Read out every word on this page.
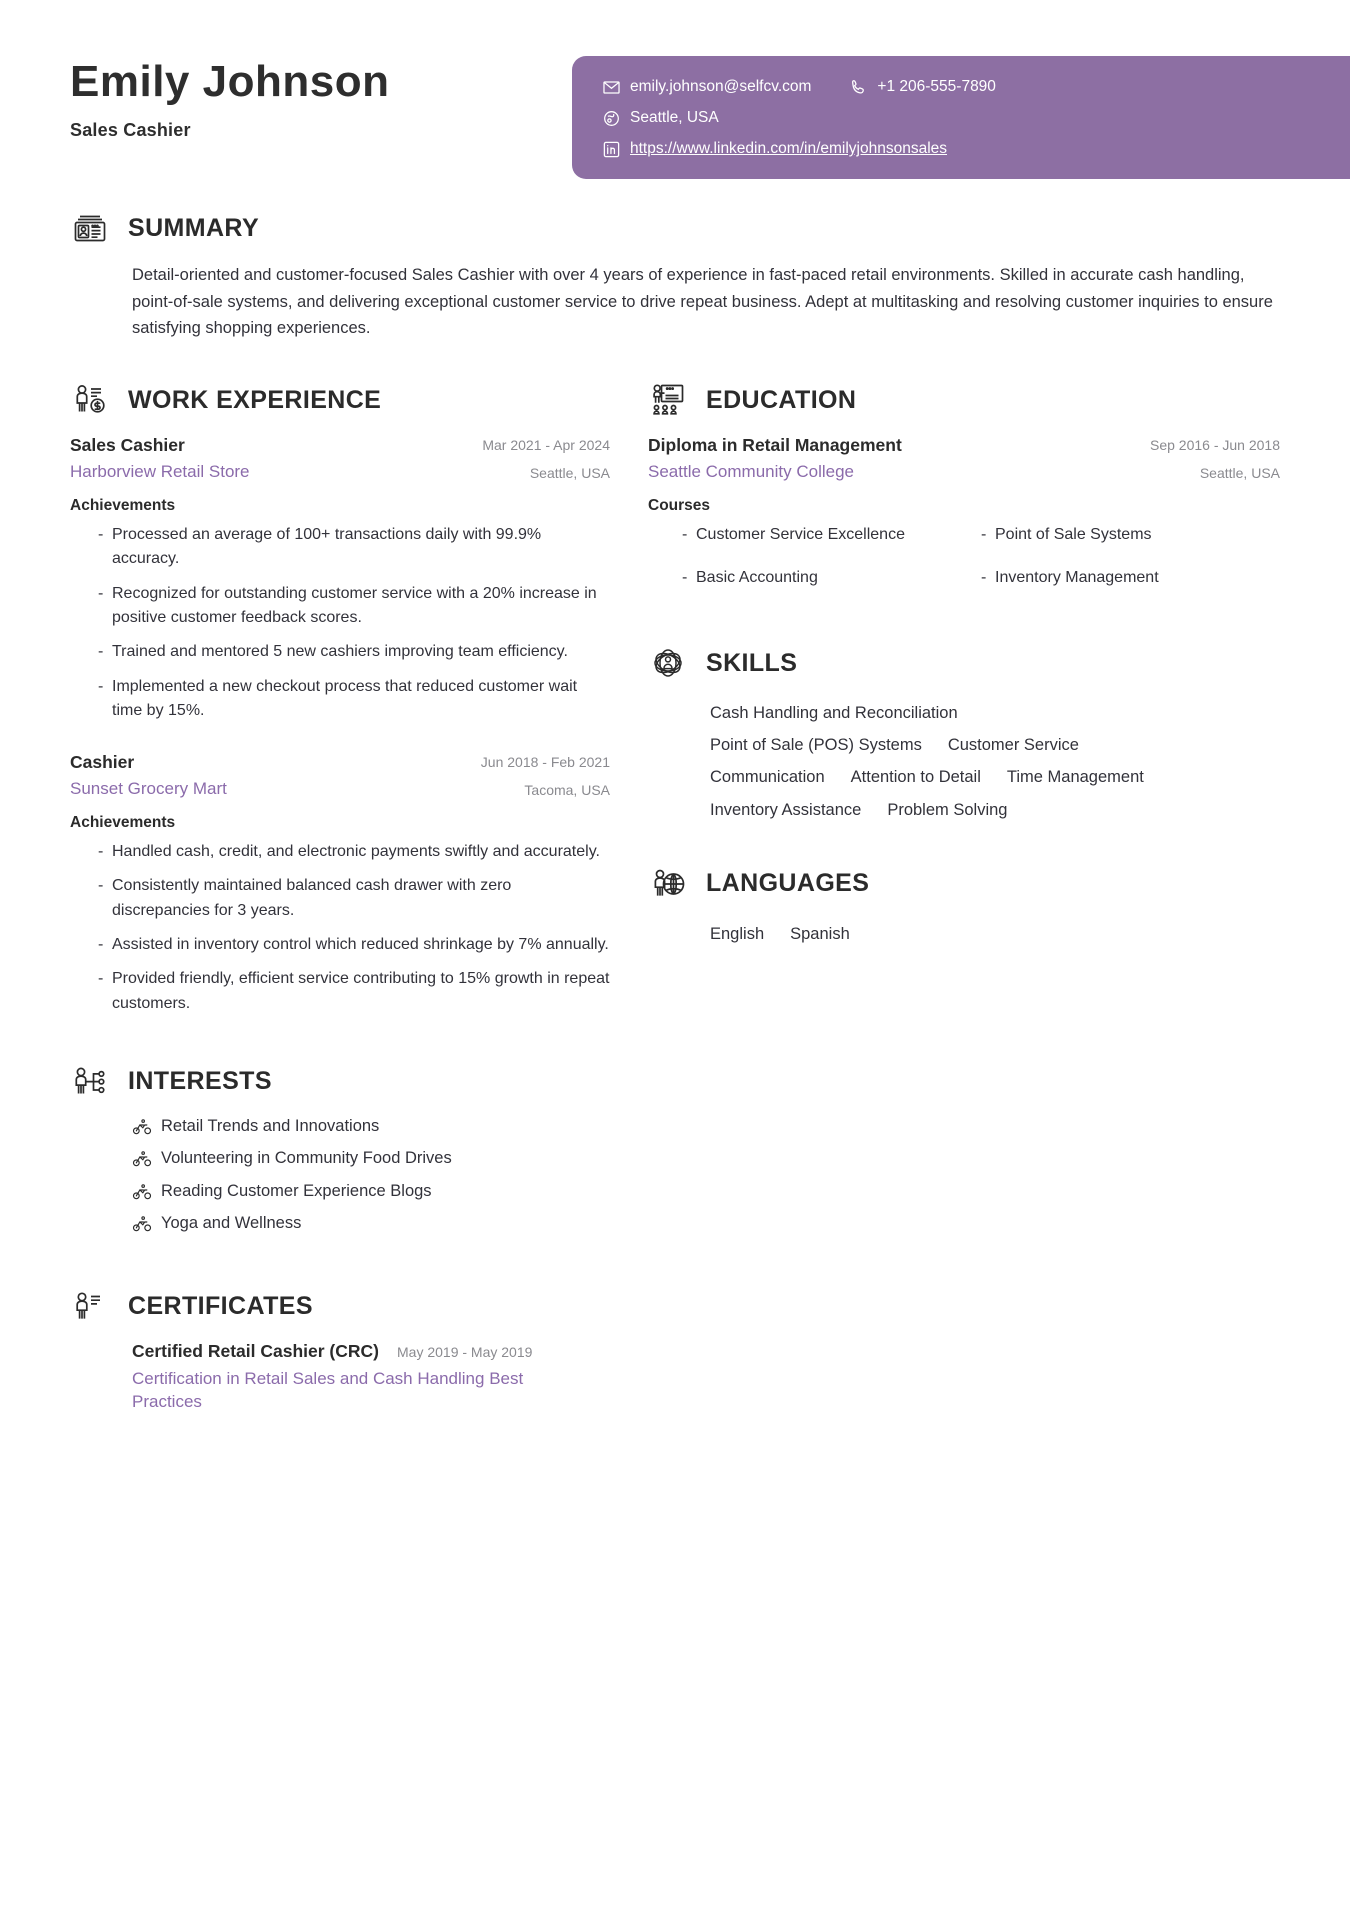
Emily Johnson
Sales Cashier
emily.johnson@selfcv.com	+1 206-555-7890
Seattle, USA
https://www.linkedin.com/in/emilyjohnsonsales
SUMMARY
Detail-oriented and customer-focused Sales Cashier with over 4 years of experience in fast-paced retail environments. Skilled in accurate cash handling, point-of-sale systems, and delivering exceptional customer service to drive repeat business. Adept at multitasking and resolving customer inquiries to ensure satisfying shopping experiences.
WORK EXPERIENCE
Sales Cashier	Mar 2021 - Apr 2024
Harborview Retail Store	Seattle, USA
Achievements
- Processed an average of 100+ transactions daily with 99.9% accuracy.
- Recognized for outstanding customer service with a 20% increase in positive customer feedback scores.
- Trained and mentored 5 new cashiers improving team efficiency.
- Implemented a new checkout process that reduced customer wait time by 15%.
Cashier	Jun 2018 - Feb 2021
Sunset Grocery Mart	Tacoma, USA
Achievements
- Handled cash, credit, and electronic payments swiftly and accurately.
- Consistently maintained balanced cash drawer with zero discrepancies for 3 years.
- Assisted in inventory control which reduced shrinkage by 7% annually.
- Provided friendly, efficient service contributing to 15% growth in repeat customers.
INTERESTS
Retail Trends and Innovations
Volunteering in Community Food Drives
Reading Customer Experience Blogs
Yoga and Wellness
CERTIFICATES
Certified Retail Cashier (CRC) May 2019 - May 2019
Certification in Retail Sales and Cash Handling Best Practices
EDUCATION
Diploma in Retail Management	Sep 2016 - Jun 2018
Seattle Community College	Seattle, USA
Courses
- Customer Service Excellence	- Point of Sale Systems
- Basic Accounting	- Inventory Management
SKILLS
Cash Handling and ReconciliationPoint of Sale (POS) Systems Customer ServiceCommunication Attention to Detail Time ManagementInventory Assistance Problem Solving
LANGUAGES
English Spanish
